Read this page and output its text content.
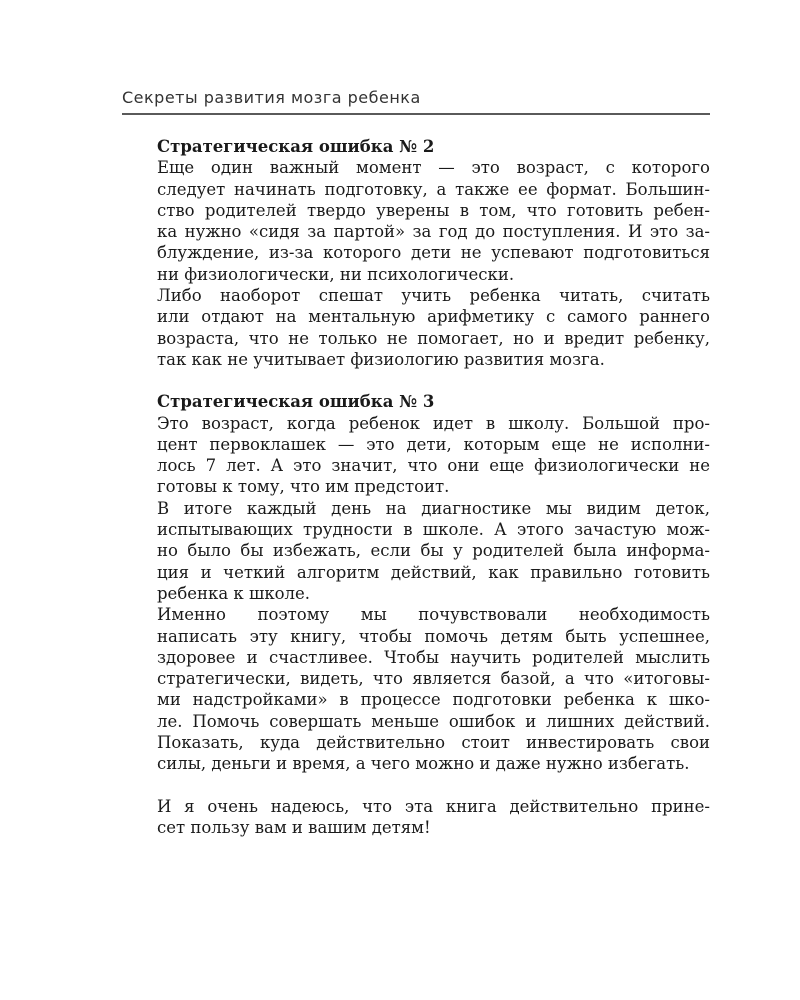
Секреты развития мозга ребенка

Стратегическая ошибка № 2

Еще один важный момент — это возраст, с которого
следует начинать подготовку, а также ее формат. Большин-
ство родителей твердо уверены в том, что готовить ребен-
ка нужно «сидя за партой» за год до поступления. И это за-
блуждение, из-за которого дети не успевают подготовиться
ни физиологически, ни психологически.

Либо наоборот спешат учить ребенка читать, считать
или отдают на ментальную арифметику с самого раннего
возраста, что не только не помогает, но и вредит ребенку,
так как не учитывает физиологию развития мозга.

Стратегическая ошибка № 3

Это возраст, когда ребенок идет в школу. Большой про-
цент первоклашек — это дети, которым еще не исполни-
лось 7 лет. А это значит, что они еще физиологически не
готовы к тому, что им предстоит.

В итоге каждый день на диагностике мы видим деток,
испытывающих трудности в школе. А этого зачастую мож-
но было бы избежать, если бы у родителей была информа-
ция и четкий алгоритм действий, как правильно готовить
ребенка к школе.

Именно поэтому мы почувствовали необходимость
написать эту книгу, чтобы помочь детям быть успешнее,
здоровее и счастливее. Чтобы научить родителей мыслить
стратегически, видеть, что является базой, а что «итоговы-
ми надстройками» в процессе подготовки ребенка к шко-
ле. Помочь совершать меньше ошибок и лишних действий.
Показать, куда действительно стоит инвестировать свои
силы, деньги и время, а чего можно и даже нужно избегать.

И я очень надеюсь, что эта книга действительно прине-
сет пользу вам и вашим детям!
